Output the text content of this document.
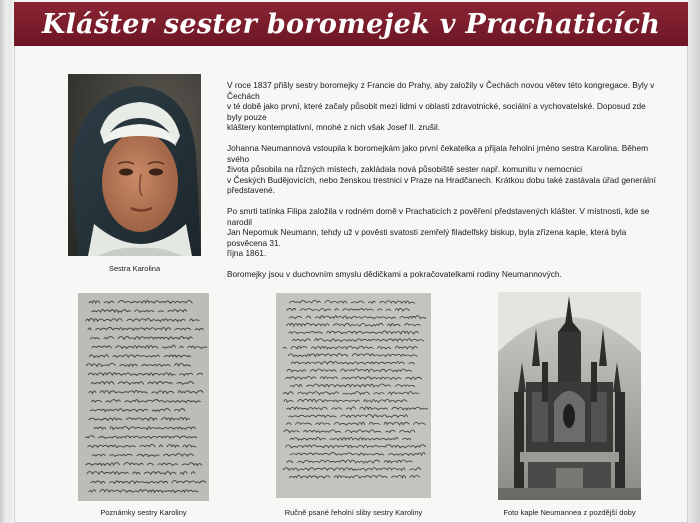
Klášter sester boromejek v Prachaticích
Sestra Karolina

V roce 1837 přišly sestry boromejky z Francie do Prahy, aby založily v Čechách novou větev této kongregace. Byly v Čechách
v té době jako první, které začaly působit mezi lidmi v oblasti zdravotnické, sociální a vychovatelské. Doposud zde byly pouze
kláštery kontemplativní, mnohé z nich však Josef II. zrušil.

Johanna Neumannová vstoupila k boromejkám jako první čekatelka a přijala řeholní jméno sestra Karolina. Během svého
života působila na různých místech, zakládala nová působiště sester např. komunitu v nemocnici
v Českých Budějovicích, nebo ženskou trestnici v Praze na Hradčanech. Krátkou dobu také zastávala úřad generální
představené.

Po smrti tatínka Filipa založila v rodném domě v Prachaticích z pověření představených klášter. V místnosti, kde se narodil
Jan Nepomuk Neumann, tehdy už v pověsti svatosti zemřelý filadelfský biskup, byla zřízena kaple, která byla posvěcena 31.
října 1861.

Boromejky jsou v duchovním smyslu dědičkami a pokračovatelkami rodiny Neumannových.

Poznámky sestry Karoliny	Ručně psané řeholní sliby sestry Karoliny	Foto kaple Neumannea z pozdější doby
